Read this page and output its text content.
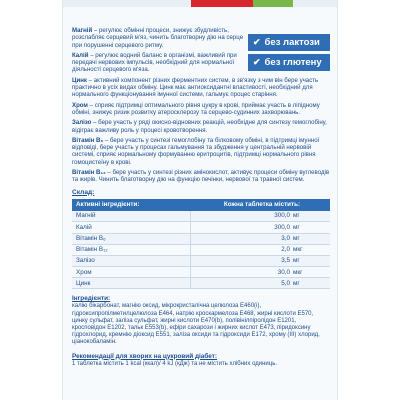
✔ без лактози
✔ без глютену

Магній – регулює обмінні процеси, знижує збудливість, розслабляє серцевий м'яз, чинить благотворну дію на серце при порушенні серцевого ритму.

Калій – регулює водний баланс в організмі, важливий при передачі нервових імпульсів, необхідний для нормальної діяльності серцевого м'яза.

Цинк – активний компонент різних ферментних систем, в зв'язку з чим він бере участь практично в усіх видах обміну. Цинк має антиоксидантні властивості, необхідний для нормального функціонування імунної системи, гальмує процес старіння.

Хром – сприяє підтримці оптимального рівня цукру в крові, приймає участь в ліпідному обміні, знижує ризик розвитку атеросклерозу та серцево-судинних захворювань.

Залізо – бере участь у ряді окисно-відновних реакцій, необхідне для синтезу гемоглобіну, відіграє важливу роль у процесі кровотворення.

Вітамін B₆ – бере участь у синтезі гемоглобіну та білковому обміні, в підтримці імунної відповіді, бере участь у процесах гальмування та збудження у центральній нервовій системі, сприяє нормальному формуванню еритроцитів, підтримці нормального рівня гомоцистеїну в крові.

Вітамін B₁₂ – бере участь у синтезі різних амінокислот, активує процеси обміну вуглеводів та жирів. Чинить благотворну дію на функцію печінки, нервової та травної систем.

Склад:
Активні інгредієнти:	Кожна таблетка містить:
Магній	300,0 мг
Калій	300,0 мг
Вітамін B₆	3,0 мг
Вітамін B₁₂	2,0 мкг
Залізо	3,5 мг
Хром	30,0 мкг
Цинк	5,0 мг
Інгредієнти:
калію бікарбонат, магнію оксид, мікрокристалічна целюлоза E460(i), гідроксипропілметилцелюлоза E464, натрію кроскармелоза E468, жирні кислоти E570, цинку сульфат, заліза сульфат, жирні кислоти E470(b), полівінілпіролідон E1201, кросповідон E1202, тальк E553(b), ефіри сахарози і жирних кислот E473, піридоксину гідрохлорид, кремнію діоксид E551, заліза оксиди та гідроксиди E172, хрому (III) хлорид, ціанокобаламін.
Рекомендації для хворих на цукровий діабет:
1 таблетка містить 1 kcal (ккал)/ 4 kJ (кДж) та не містить хлібних одиниць.
